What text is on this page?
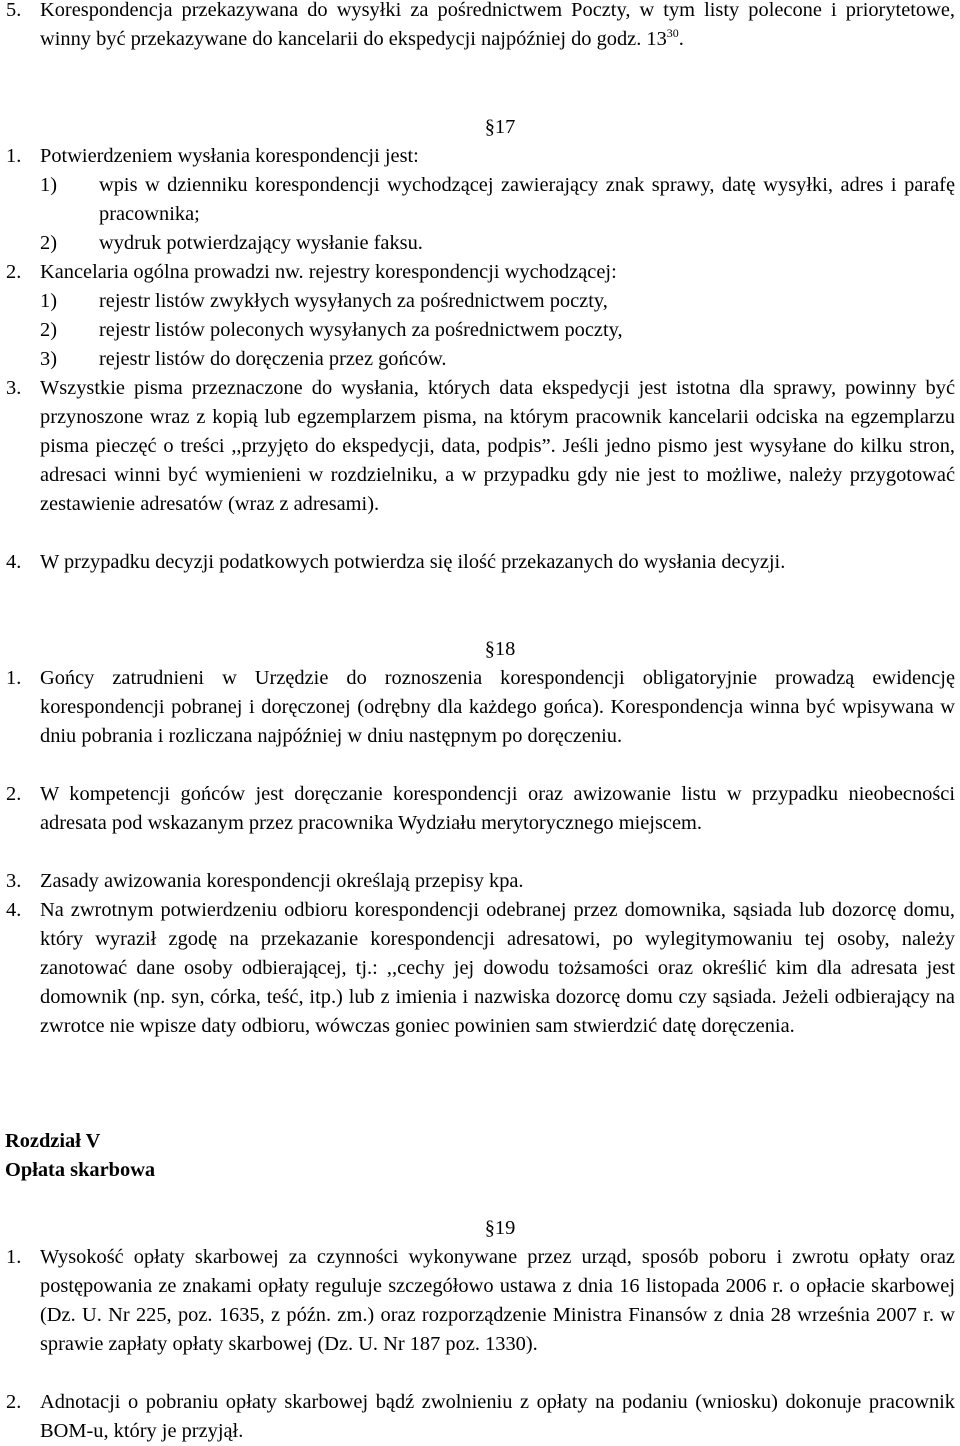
5. Korespondencja przekazywana do wysyłki za pośrednictwem Poczty, w tym listy polecone i priorytetowe, winny być przekazywane do kancelarii do ekspedycji najpóźniej do godz. $13^{30}$.
§17
1. Potwierdzeniem wysłania korespondencji jest:
1) wpis w dzienniku korespondencji wychodzącej zawierający znak sprawy, datę wysyłki, adres i parafę pracownika;
2) wydruk potwierdzający wysłanie faksu.
2. Kancelaria ogólna prowadzi nw. rejestry korespondencji wychodzącej:
1) rejestr listów zwykłych wysyłanych za pośrednictwem poczty,
2) rejestr listów poleconych wysyłanych za pośrednictwem poczty,
3) rejestr listów do doręczenia przez gońców.
3. Wszystkie pisma przeznaczone do wysłania, których data ekspedycji jest istotna dla sprawy, powinny być przynoszone wraz z kopią lub egzemplarzem pisma, na którym pracownik kancelarii odciska na egzemplarzu pisma pieczęć o treści ,,przyjęto do ekspedycji, data, podpis”. Jeśli jedno pismo jest wysyłane do kilku stron, adresaci winni być wymienieni w rozdzielniku, a w przypadku gdy nie jest to możliwe, należy przygotować zestawienie adresatów (wraz z adresami).
4. W przypadku decyzji podatkowych potwierdza się ilość przekazanych do wysłania decyzji.
§18
1. Gońcy zatrudnieni w Urzędzie do roznoszenia korespondencji obligatoryjnie prowadzą ewidencję korespondencji pobranej i doręczonej (odrębny dla każdego gońca). Korespondencja winna być wpisywana w dniu pobrania i rozliczana najpóźniej w dniu następnym po doręczeniu.
2. W kompetencji gońców jest doręczanie korespondencji oraz awizowanie listu w przypadku nieobecności adresata pod wskazanym przez pracownika Wydziału merytorycznego miejscem.
3. Zasady awizowania korespondencji określają przepisy kpa.
4. Na zwrotnym potwierdzeniu odbioru korespondencji odebranej przez domownika, sąsiada lub dozorcę domu, który wyraził zgodę na przekazanie korespondencji adresatowi, po wylegitymowaniu tej osoby, należy zanotować dane osoby odbierającej, tj.: ,,cechy jej dowodu tożsamości oraz określić kim dla adresata jest domownik (np. syn, córka, teść, itp.) lub z imienia i nazwiska dozorcę domu czy sąsiada. Jeżeli odbierający na zwrotce nie wpisze daty odbioru, wówczas goniec powinien sam stwierdzić datę doręczenia.
Rozdział V
Opłata skarbowa
§19
1. Wysokość opłaty skarbowej za czynności wykonywane przez urząd, sposób poboru i zwrotu opłaty oraz postępowania ze znakami opłaty reguluje szczegółowo ustawa z dnia 16 listopada 2006 r. o opłacie skarbowej (Dz. U. Nr 225, poz. 1635, z późn. zm.) oraz rozporządzenie Ministra Finansów z dnia 28 września 2007 r. w sprawie zapłaty opłaty skarbowej (Dz. U. Nr 187 poz. 1330).
2. Adnotacji o pobraniu opłaty skarbowej bądź zwolnieniu z opłaty na podaniu (wniosku) dokonuje pracownik BOM-u, który je przyjął.
